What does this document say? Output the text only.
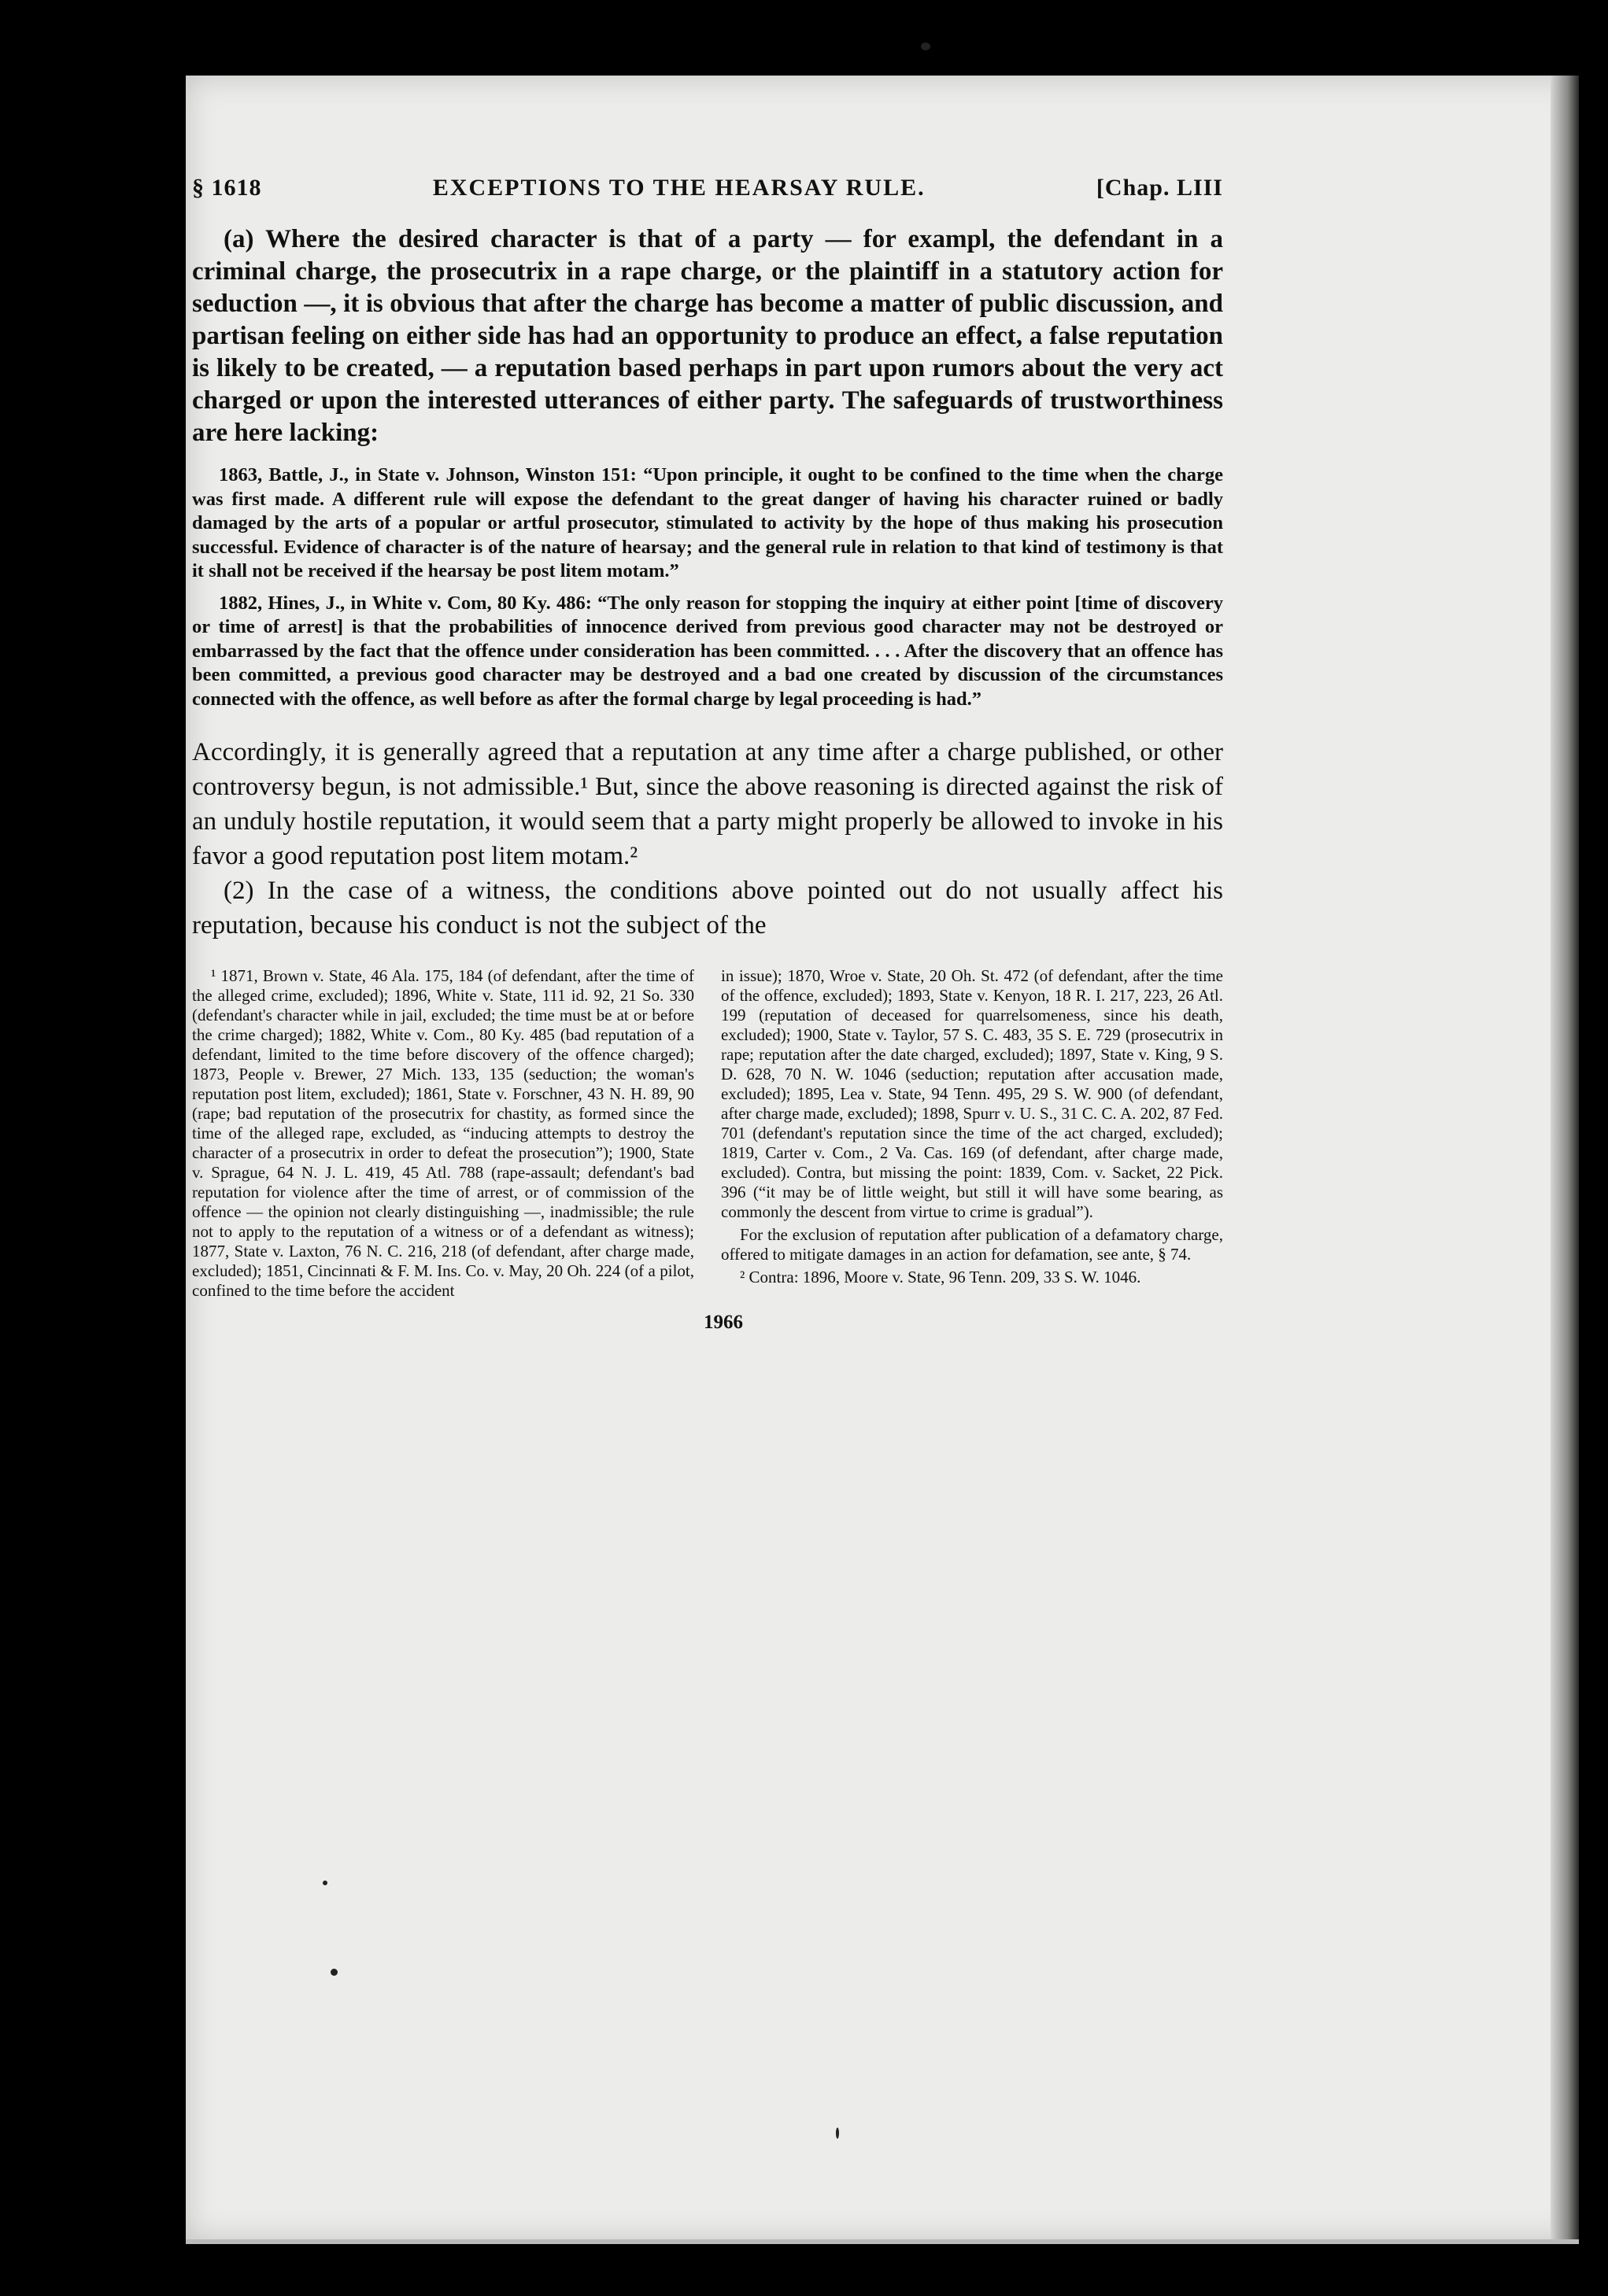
§ 1618	EXCEPTIONS TO THE HEARSAY RULE.	[Chap. LIII

(a) Where the desired character is that of a party — for exampl, the defendant in a criminal charge, the prosecutrix in a rape charge, or the plaintiff in a statutory action for seduction —, it is obvious that after the charge has become a matter of public discussion, and partisan feeling on either side has had an opportunity to produce an effect, a false reputation is likely to be created, — a reputation based perhaps in part upon rumors about the very act charged or upon the interested utterances of either party. The safeguards of trustworthiness are here lacking:

1863, Battle, J., in State v. Johnson, Winston 151: “Upon principle, it ought to be confined to the time when the charge was first made. A different rule will expose the defendant to the great danger of having his character ruined or badly damaged by the arts of a popular or artful prosecutor, stimulated to activity by the hope of thus making his prosecution successful. Evidence of character is of the nature of hearsay; and the general rule in relation to that kind of testimony is that it shall not be received if the hearsay be post litem motam.”

1882, Hines, J., in White v. Com, 80 Ky. 486: “The only reason for stopping the inquiry at either point [time of discovery or time of arrest] is that the probabilities of innocence derived from previous good character may not be destroyed or embarrassed by the fact that the offence under consideration has been committed. . . . After the discovery that an offence has been committed, a previous good character may be destroyed and a bad one created by discussion of the circumstances connected with the offence, as well before as after the formal charge by legal proceeding is had.”

Accordingly, it is generally agreed that a reputation at any time after a charge published, or other controversy begun, is not admissible.¹ But, since the above reasoning is directed against the risk of an unduly hostile reputation, it would seem that a party might properly be allowed to invoke in his favor a good reputation post litem motam.²

(2) In the case of a witness, the conditions above pointed out do not usually affect his reputation, because his conduct is not the subject of the

¹ 1871, Brown v. State, 46 Ala. 175, 184 (of defendant, after the time of the alleged crime, excluded); 1896, White v. State, 111 id. 92, 21 So. 330 (defendant's character while in jail, excluded; the time must be at or before the crime charged); 1882, White v. Com., 80 Ky. 485 (bad reputation of a defendant, limited to the time before discovery of the offence charged); 1873, People v. Brewer, 27 Mich. 133, 135 (seduction; the woman's reputation post litem, excluded); 1861, State v. Forschner, 43 N. H. 89, 90 (rape; bad reputation of the prosecutrix for chastity, as formed since the time of the alleged rape, excluded, as “inducing attempts to destroy the character of a prosecutrix in order to defeat the prosecution”); 1900, State v. Sprague, 64 N. J. L. 419, 45 Atl. 788 (rape-assault; defendant's bad reputation for violence after the time of arrest, or of commission of the offence — the opinion not clearly distinguishing —, inadmissible; the rule not to apply to the reputation of a witness or of a defendant as witness); 1877, State v. Laxton, 76 N. C. 216, 218 (of defendant, after charge made, excluded); 1851, Cincinnati & F. M. Ins. Co. v. May, 20 Oh. 224 (of a pilot, confined to the time before the accident

in issue); 1870, Wroe v. State, 20 Oh. St. 472 (of defendant, after the time of the offence, excluded); 1893, State v. Kenyon, 18 R. I. 217, 223, 26 Atl. 199 (reputation of deceased for quarrelsomeness, since his death, excluded); 1900, State v. Taylor, 57 S. C. 483, 35 S. E. 729 (prosecutrix in rape; reputation after the date charged, excluded); 1897, State v. King, 9 S. D. 628, 70 N. W. 1046 (seduction; reputation after accusation made, excluded); 1895, Lea v. State, 94 Tenn. 495, 29 S. W. 900 (of defendant, after charge made, excluded); 1898, Spurr v. U. S., 31 C. C. A. 202, 87 Fed. 701 (defendant's reputation since the time of the act charged, excluded); 1819, Carter v. Com., 2 Va. Cas. 169 (of defendant, after charge made, excluded). Contra, but missing the point: 1839, Com. v. Sacket, 22 Pick. 396 (“it may be of little weight, but still it will have some bearing, as commonly the descent from virtue to crime is gradual”).

For the exclusion of reputation after publication of a defamatory charge, offered to mitigate damages in an action for defamation, see ante, § 74.

² Contra: 1896, Moore v. State, 96 Tenn. 209, 33 S. W. 1046.

1966
